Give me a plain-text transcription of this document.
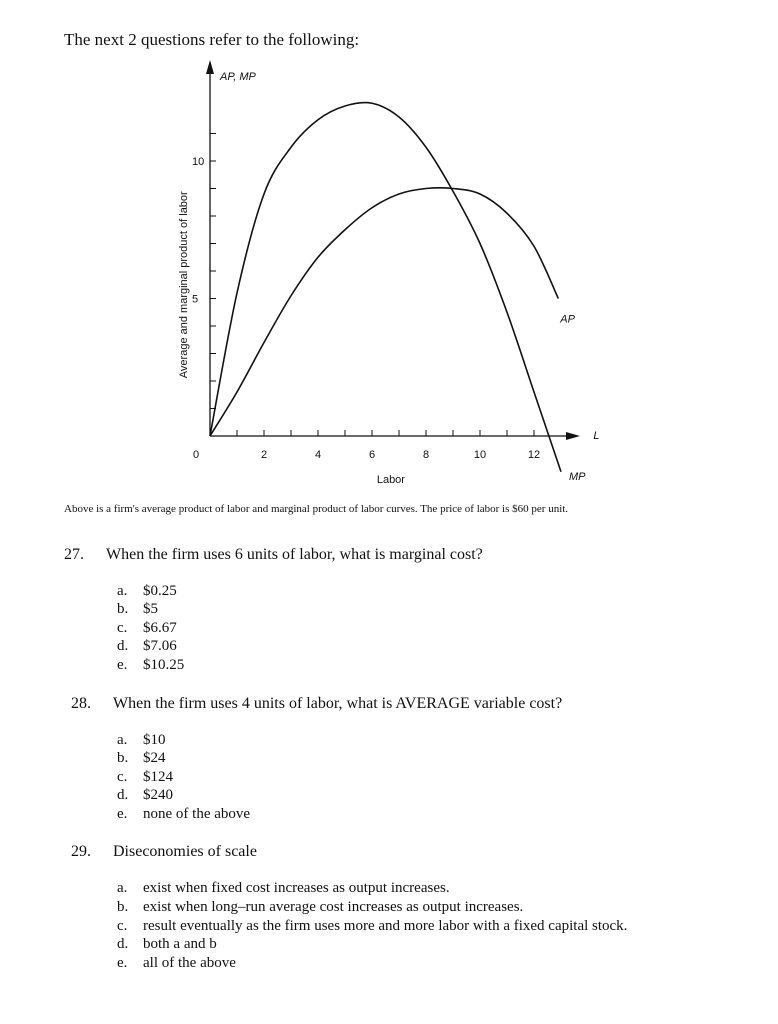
The next 2 questions refer to the following:
2	4	6	8	10	12
5
10
0
AP, MP
Labor
L
Average and marginal product of labor
MP
AP
Above is a firm's average product of labor and marginal product of labor curves. The price of labor is $60 per unit.
27. When the firm uses 6 units of labor, what is marginal cost?
a. $0.25
b. $5
c. $6.67
d. $7.06
e. $10.25
28. When the firm uses 4 units of labor, what is AVERAGE variable cost?
a. $10
b. $24
c. $124
d. $240
e. none of the above
29. Diseconomies of scale
a. exist when fixed cost increases as output increases.
b. exist when long–run average cost increases as output increases.
c. result eventually as the firm uses more and more labor with a fixed capital stock.
d. both a and b
e. all of the above
